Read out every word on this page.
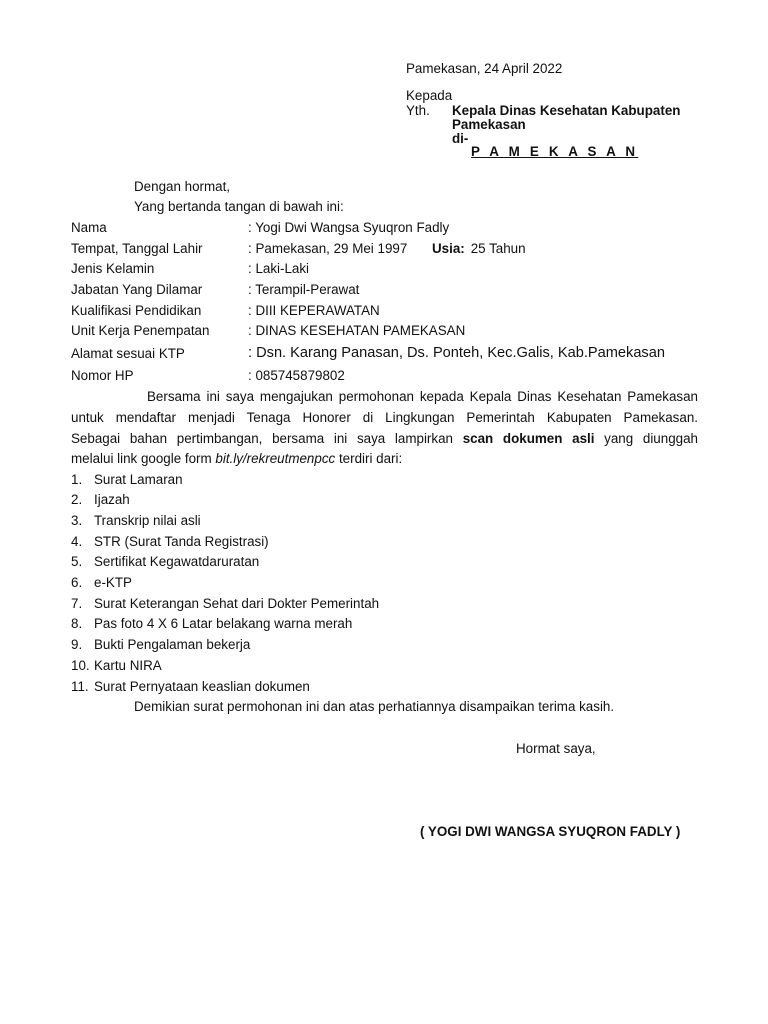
Pamekasan, 24 April 2022
Kepada
Yth. Kepala Dinas Kesehatan Kabupaten
Pamekasan
di-
P A M E K A S A N
Dengan hormat,
Yang bertanda tangan di bawah ini:
Nama	: Yogi Dwi Wangsa Syuqron Fadly
Tempat, Tanggal Lahir	: Pamekasan, 29 Mei 1997 Usia: 25 Tahun
Jenis Kelamin	: Laki-Laki
Jabatan Yang Dilamar	: Terampil-Perawat
Kualifikasi Pendidikan	: DIII KEPERAWATAN
Unit Kerja Penempatan	: DINAS KESEHATAN PAMEKASAN
Alamat sesuai KTP	: Dsn. Karang Panasan, Ds. Ponteh, Kec.Galis, Kab.Pamekasan
Nomor HP	: 085745879802
Bersama ini saya mengajukan permohonan kepada Kepala Dinas Kesehatan Pamekasan
untuk mendaftar menjadi Tenaga Honorer di Lingkungan Pemerintah Kabupaten Pamekasan.
Sebagai bahan pertimbangan, bersama ini saya lampirkan scan dokumen asli yang diunggah
melalui link google form bit.ly/rekreutmenpcc terdiri dari:
1. Surat Lamaran
2. Ijazah
3. Transkrip nilai asli
4. STR (Surat Tanda Registrasi)
5. Sertifikat Kegawatdaruratan
6. e-KTP
7. Surat Keterangan Sehat dari Dokter Pemerintah
8. Pas foto 4 X 6 Latar belakang warna merah
9. Bukti Pengalaman bekerja
10. Kartu NIRA
11. Surat Pernyataan keaslian dokumen
Demikian surat permohonan ini dan atas perhatiannya disampaikan terima kasih.
Hormat saya,
( YOGI DWI WANGSA SYUQRON FADLY )
